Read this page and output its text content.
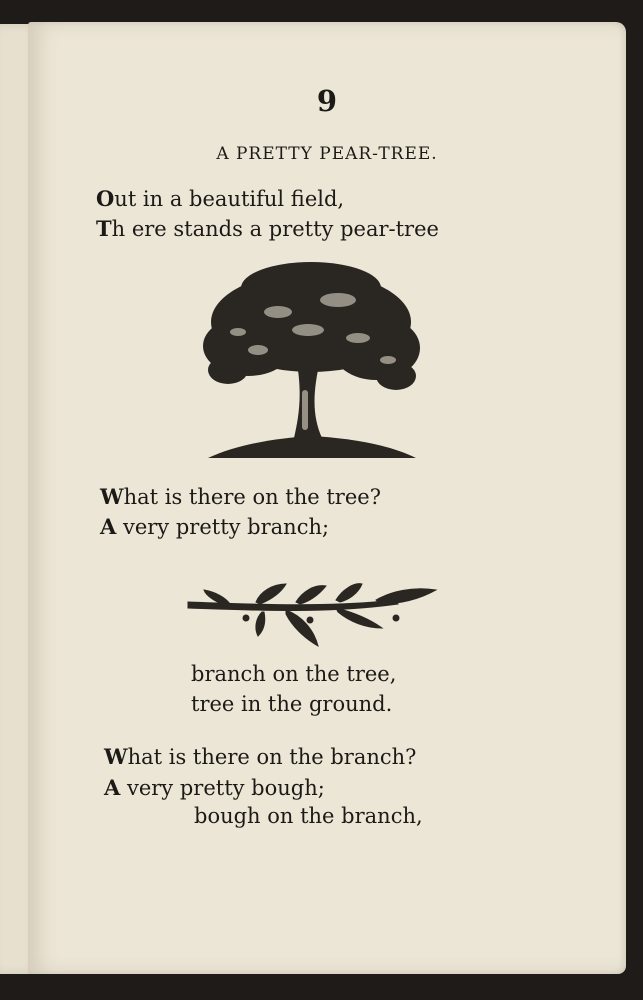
9
A PRETTY PEAR-TREE.
Out in a beautiful field,
Th ere stands a pretty pear-tree
What is there on the tree?
A very pretty branch;
branch on the tree,
tree in the ground.
What is there on the branch?
A very pretty bough;
bough on the branch,
